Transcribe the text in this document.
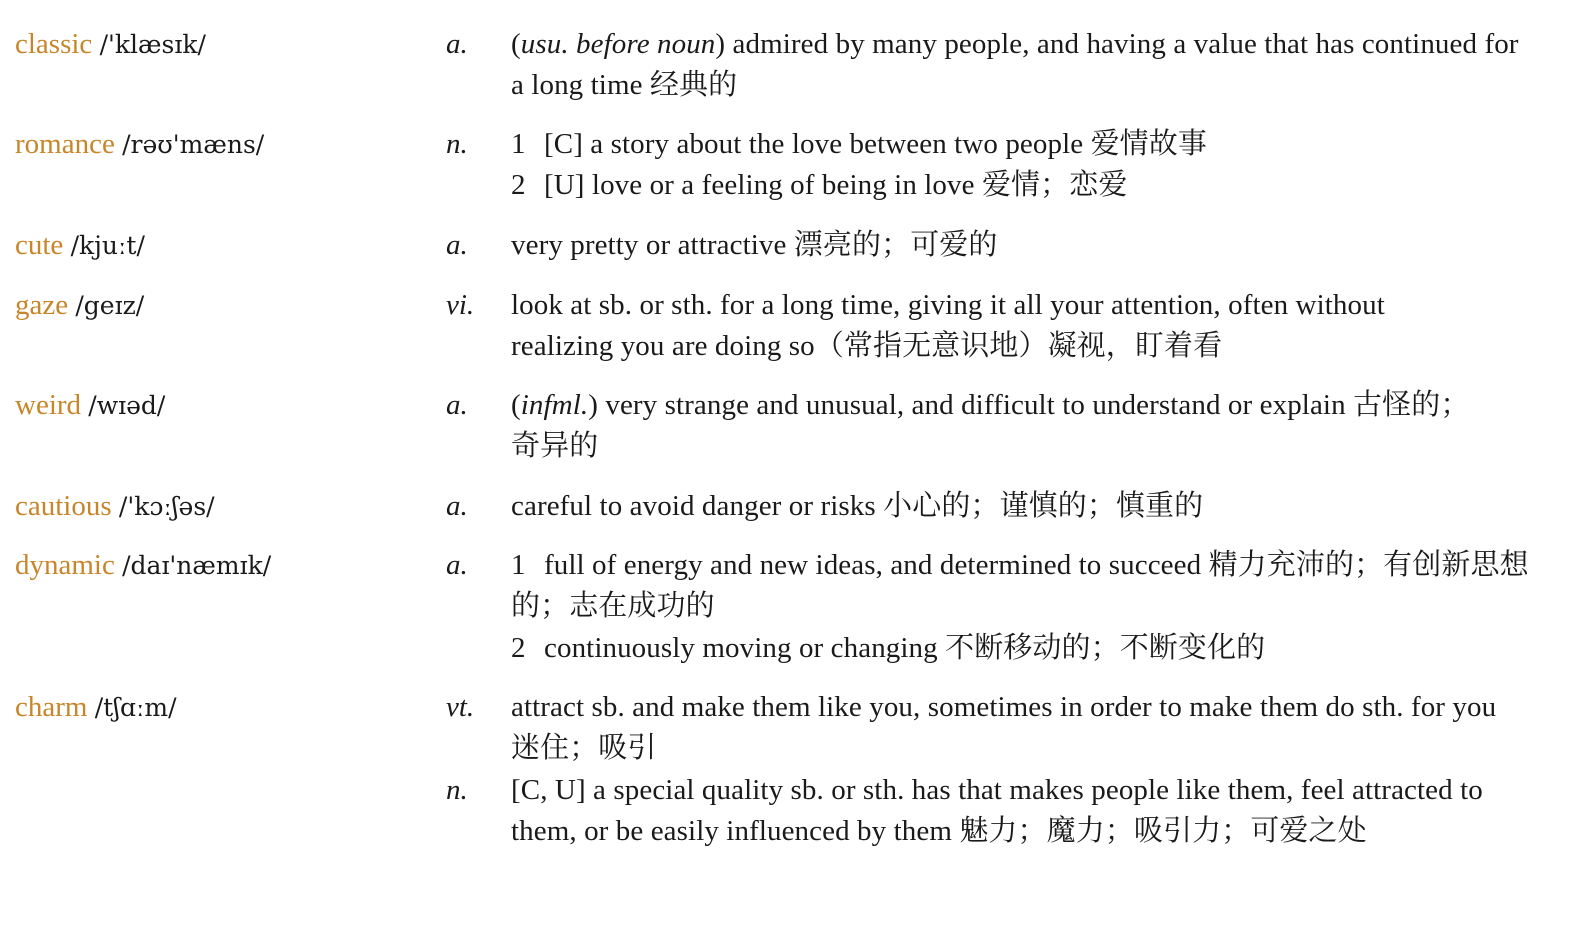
classic /'klæsɪk/	a. (usu. before noun) admired by many people, and having a value that has continued for a long time 经典的
romance /rəʊ'mæns/	n. 1 [C] a story about the love between two people 爱情故事
2 [U] love or a feeling of being in love 爱情；恋爱
cute /kjuːt/	a. very pretty or attractive 漂亮的；可爱的
gaze /geɪz/	vi. look at sb. or sth. for a long time, giving it all your attention, often without realizing you are doing so（常指无意识地）凝视，盯着看
weird /wɪəd/	a. (infml.) very strange and unusual, and difficult to understand or explain 古怪的；奇异的
cautious /'kɔːʃəs/	a. careful to avoid danger or risks 小心的；谨慎的；慎重的
dynamic /daɪ'næmɪk/	a. 1 full of energy and new ideas, and determined to succeed 精力充沛的；有创新思想的；志在成功的
2 continuously moving or changing 不断移动的；不断变化的
charm /tʃɑːm/	vt. attract sb. and make them like you, sometimes in order to make them do sth. for you 迷住；吸引
n. [C, U] a special quality sb. or sth. has that makes people like them, feel attracted to them, or be easily influenced by them 魅力；魔力；吸引力；可爱之处
